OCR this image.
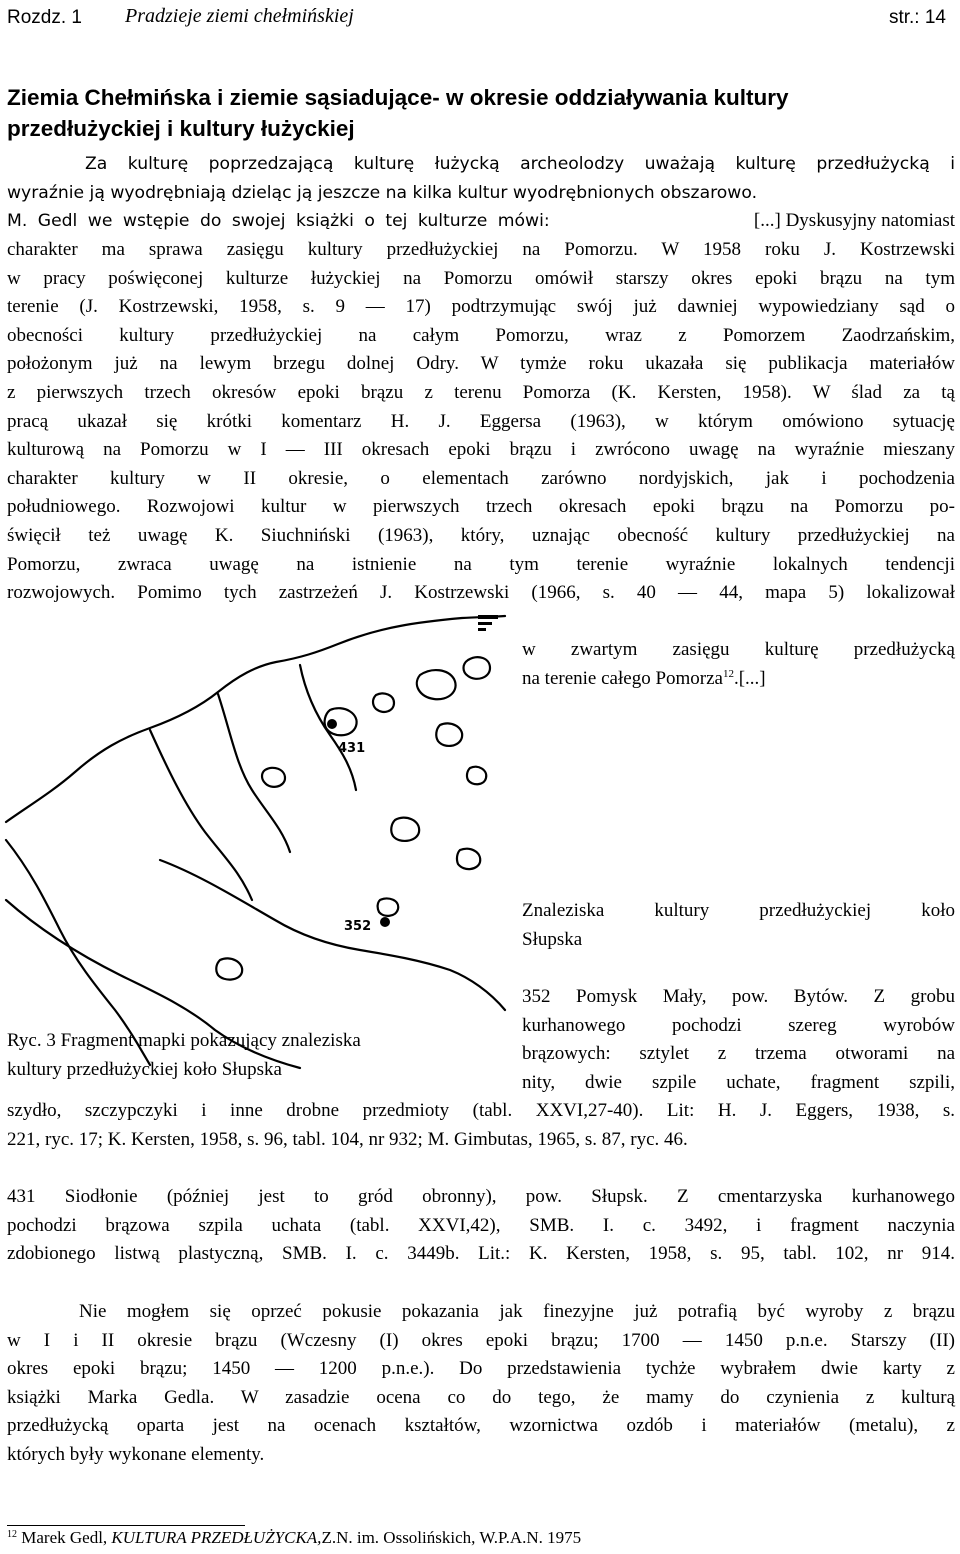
Rozdz. 1 Pradzieje ziemi chełmińskiej	str.: 14
Ziemia Chełmińska i ziemie sąsiadujące- w okresie oddziaływania kultury
przedłużyckiej i kultury łużyckiej
Za kulturę poprzedzającą kulturę łużycką archeolodzy uważają kulturę przedłużycką i
wyraźnie ją wyodrębniają dzieląc ją jeszcze na kilka kultur wyodrębnionych obszarowo.
M. Gedl we wstępie do swojej książki o tej kulturze mówi:	[...] Dyskusyjny natomiast
charakter ma sprawa zasięgu kultury przedłużyckiej na Pomorzu. W 1958 roku J. Kostrzewski
w pracy poświęconej kulturze łużyckiej na Pomorzu omówił starszy okres epoki brązu na tym
terenie (J. Kostrzewski, 1958, s. 9 — 17) podtrzymując swój już dawniej wypowiedziany sąd o
obecności kultury przedłużyckiej na całym Pomorzu, wraz z Pomorzem Zaodrzańskim,
położonym już na lewym brzegu dolnej Odry. W tymże roku ukazała się publikacja materiałów
z pierwszych trzech okresów epoki brązu z terenu Pomorza (K. Kersten, 1958). W ślad za tą
pracą ukazał się krótki komentarz H. J. Eggersa (1963), w którym omówiono sytuację
kulturową na Pomorzu w I — III okresach epoki brązu i zwrócono uwagę na wyraźnie mieszany
charakter kultury w II okresie, o elementach zarówno nordyjskich, jak i pochodzenia
południowego. Rozwojowi kultur w pierwszych trzech okresach epoki brązu na Pomorzu po-
święcił też uwagę K. Siuchniński (1963), który, uznając obecność kultury przedłużyckiej na
Pomorzu, zwraca uwagę na istnienie na tym terenie wyraźnie lokalnych tendencji
rozwojowych. Pomimo tych zastrzeżeń J. Kostrzewski (1966, s. 40 — 44, mapa 5) lokalizował
w zwartym zasięgu kulturę przedłużycką
na terenie całego Pomorza$^{12}$.[...]
431
352
Znaleziska kultury przedłużyckiej koło
Słupska
352 Pomysk Mały, pow. Bytów. Z grobu
kurhanowego pochodzi szereg wyrobów
brązowych: sztylet z trzema otworami na
nity, dwie szpile uchate, fragment szpili,
Ryc. 3 Fragment mapki pokazujący znaleziska
kultury przedłużyckiej koło Słupska
szydło, szczypczyki i inne drobne przedmioty (tabl. XXVI,27-40). Lit: H. J. Eggers, 1938, s.
221, ryc. 17; K. Kersten, 1958, s. 96, tabl. 104, nr 932; M. Gimbutas, 1965, s. 87, ryc. 46.
431 Siodłonie (później jest to gród obronny), pow. Słupsk. Z cmentarzyska kurhanowego
pochodzi brązowa szpila uchata (tabl. XXVI,42), SMB. I. c. 3492, i fragment naczynia
zdobionego listwą plastyczną, SMB. I. c. 3449b. Lit.: K. Kersten, 1958, s. 95, tabl. 102, nr 914.
Nie mogłem się oprzeć pokusie pokazania jak finezyjne już potrafią być wyroby z brązu
w I i II okresie brązu (Wczesny (I) okres epoki brązu; 1700 — 1450 p.n.e. Starszy (II)
okres epoki brązu; 1450 — 1200 p.n.e.). Do przedstawienia tychże wybrałem dwie karty z
książki Marka Gedla. W zasadzie ocena co do tego, że mamy do czynienia z kulturą
przedłużycką oparta jest na ocenach kształtów, wzornictwa ozdób i materiałów (metalu), z
których były wykonane elementy.
$^{12}$ Marek Gedl, KULTURA PRZEDŁUŻYCKA,Z.N. im. Ossolińskich, W.P.A.N. 1975
